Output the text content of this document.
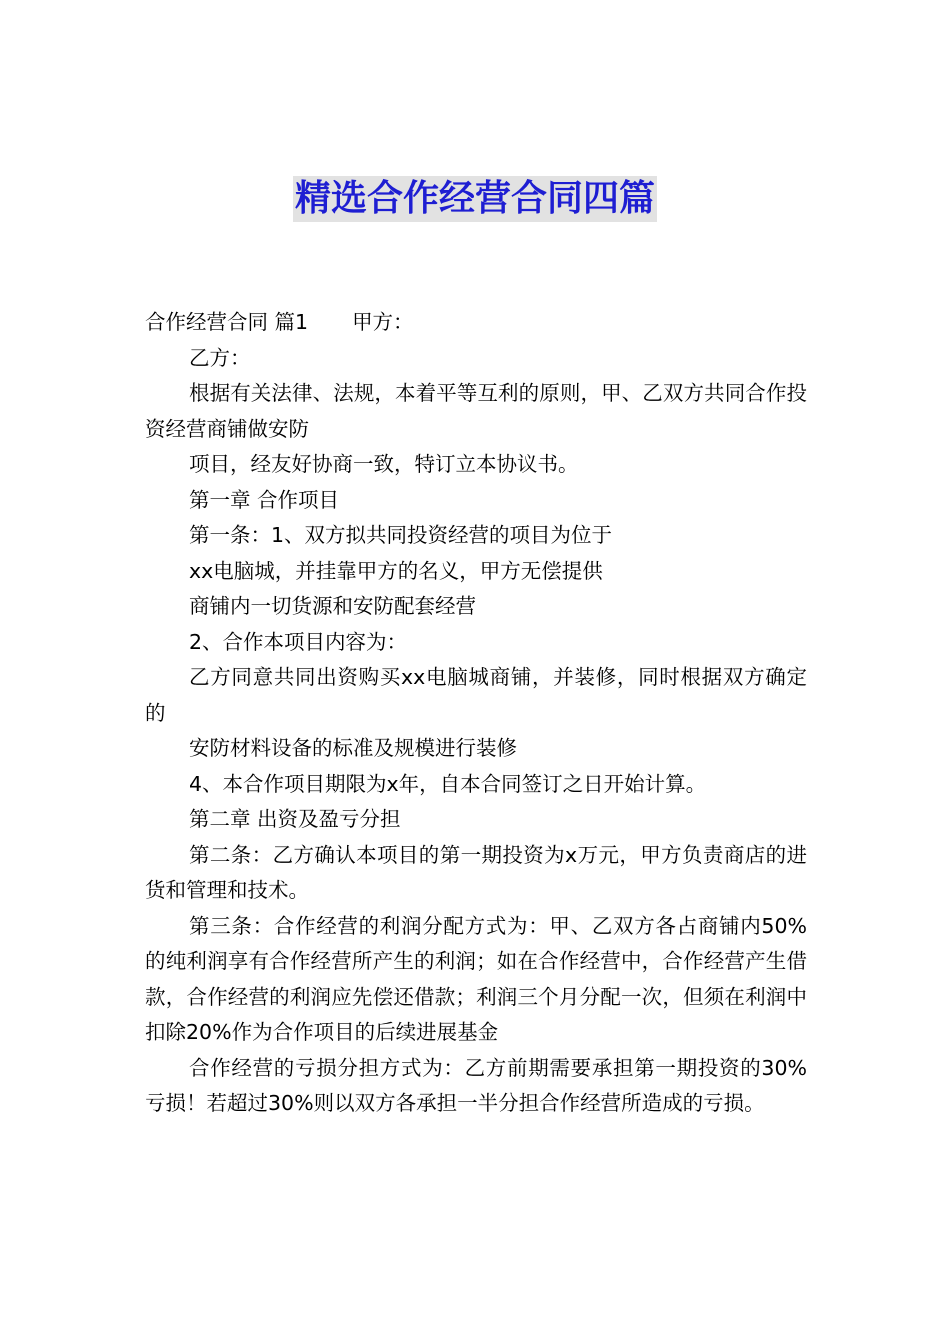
精选合作经营合同四篇

合作经营合同 篇1 甲方：

乙方：

根据有关法律、法规，本着平等互利的原则，甲、乙双方共同合作投资经营商铺做安防

项目，经友好协商一致，特订立本协议书。

第一章 合作项目

第一条：1、双方拟共同投资经营的项目为位于

xx电脑城，并挂靠甲方的名义，甲方无偿提供

商铺内一切货源和安防配套经营

2、合作本项目内容为：

乙方同意共同出资购买xx电脑城商铺，并装修，同时根据双方确定的

安防材料设备的标准及规模进行装修

4、本合作项目期限为x年，自本合同签订之日开始计算。

第二章 出资及盈亏分担

第二条：乙方确认本项目的第一期投资为x万元，甲方负责商店的进货和管理和技术。

第三条：合作经营的利润分配方式为：甲、乙双方各占商铺内50%的纯利润享有合作经营所产生的利润；如在合作经营中，合作经营产生借款，合作经营的利润应先偿还借款；利润三个月分配一次，但须在利润中扣除20%作为合作项目的后续进展基金

合作经营的亏损分担方式为：乙方前期需要承担第一期投资的30%亏损！若超过30%则以双方各承担一半分担合作经营所造成的亏损。
